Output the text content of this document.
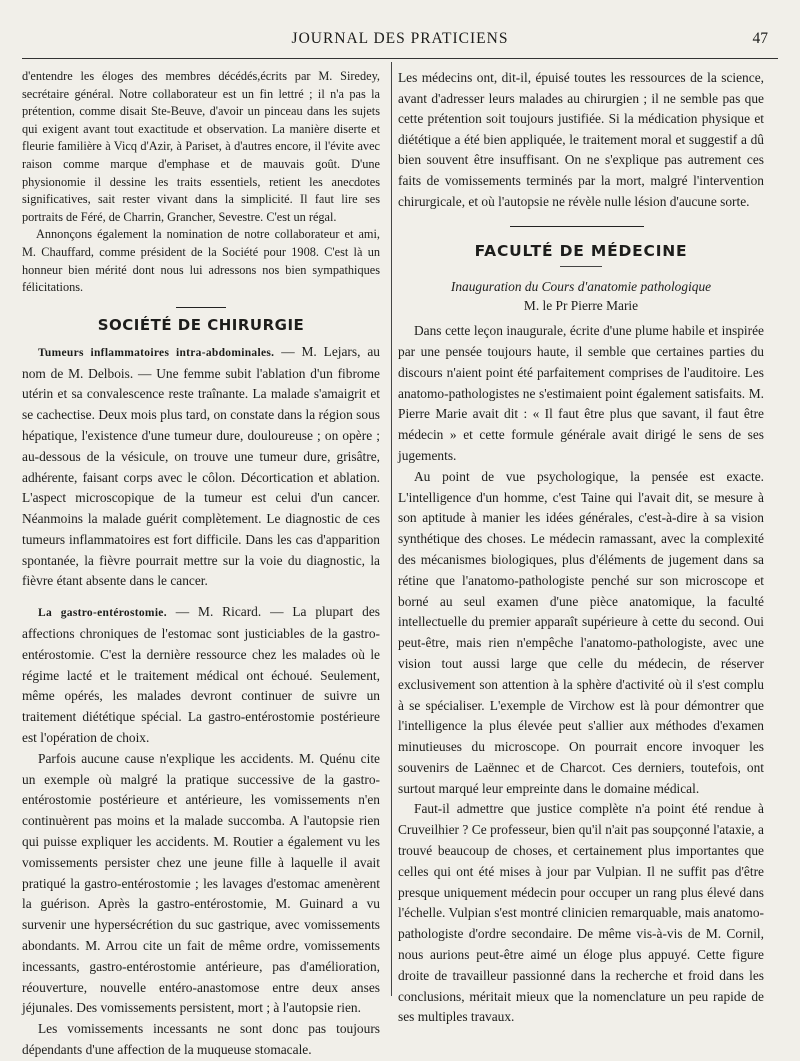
JOURNAL DES PRATICIENS	47

d'entendre les éloges des membres décédés,écrits par M. Siredey, secrétaire général. Notre collaborateur est un fin lettré ; il n'a pas la prétention, comme disait Ste-Beuve, d'avoir un pinceau dans les sujets qui exigent avant tout exactitude et observation. La manière diserte et fleurie familière à Vicq d'Azir, à Pariset, à d'autres encore, il l'évite avec raison comme marque d'emphase et de mauvais goût. D'une physionomie il dessine les traits essentiels, retient les anecdotes significatives, sait rester vivant dans la simplicité. Il faut lire ses portraits de Féré, de Charrin, Grancher, Sevestre. C'est un régal.

Annonçons également la nomination de notre collaborateur et ami, M. Chauffard, comme président de la Société pour 1908. C'est là un honneur bien mérité dont nous lui adressons nos bien sympathiques félicitations.

SOCIÉTÉ DE CHIRURGIE

Tumeurs inflammatoires intra-abdominales. — M. Lejars, au nom de M. Delbois. — Une femme subit l'ablation d'un fibrome utérin et sa convalescence reste traînante. La malade s'amaigrit et se cachectise. Deux mois plus tard, on constate dans la région sous hépatique, l'existence d'une tumeur dure, douloureuse ; on opère ; au-dessous de la vésicule, on trouve une tumeur dure, grisâtre, adhérente, faisant corps avec le côlon. Décortication et ablation. L'aspect microscopique de la tumeur est celui d'un cancer. Néanmoins la malade guérit complètement. Le diagnostic de ces tumeurs inflammatoires est fort difficile. Dans les cas d'apparition spontanée, la fièvre pourrait mettre sur la voie du diagnostic, la fièvre étant absente dans le cancer.

La gastro-entérostomie. — M. Ricard. — La plupart des affections chroniques de l'estomac sont justiciables de la gastro-entérostomie. C'est la dernière ressource chez les malades où le régime lacté et le traitement médical ont échoué. Seulement, même opérés, les malades devront continuer de suivre un traitement diététique spécial. La gastro-entérostomie postérieure est l'opération de choix.

Parfois aucune cause n'explique les accidents. M. Quénu cite un exemple où malgré la pratique successive de la gastro-entérostomie postérieure et antérieure, les vomissements n'en continuèrent pas moins et la malade succomba. A l'autopsie rien qui puisse expliquer les accidents. M. Routier a également vu les vomissements persister chez une jeune fille à laquelle il avait pratiqué la gastro-entérostomie ; les lavages d'estomac amenèrent la guérison. Après la gastro-entérostomie, M. Guinard a vu survenir une hypersécrétion du suc gastrique, avec vomissements abondants. M. Arrou cite un fait de même ordre, vomissements incessants, gastro-entérostomie antérieure, pas d'amélioration, réouverture, nouvelle entéro-anastomose entre deux anses jéjunales. Des vomissements persistent, mort ; à l'autopsie rien.

Les vomissements incessants ne sont donc pas toujours dépendants d'une affection de la muqueuse stomacale.

Les médecins ont, dit-il, épuisé toutes les ressources de la science, avant d'adresser leurs malades au chirurgien ; il ne semble pas que cette prétention soit toujours justifiée. Si la médication physique et diététique a été bien appliquée, le traitement moral et suggestif a dû bien souvent être insuffisant. On ne s'explique pas autrement ces faits de vomissements terminés par la mort, malgré l'intervention chirurgicale, et où l'autopsie ne révèle nulle lésion d'aucune sorte.

FACULTÉ DE MÉDECINE
Inauguration du Cours d'anatomie pathologique
M. le Pr Pierre Marie

Dans cette leçon inaugurale, écrite d'une plume habile et inspirée par une pensée toujours haute, il semble que certaines parties du discours n'aient point été parfaitement comprises de l'auditoire. Les anatomo-pathologistes ne s'estimaient point également satisfaits. M. Pierre Marie avait dit : « Il faut être plus que savant, il faut être médecin » et cette formule générale avait dirigé le sens de ses jugements.

Au point de vue psychologique, la pensée est exacte. L'intelligence d'un homme, c'est Taine qui l'avait dit, se mesure à son aptitude à manier les idées générales, c'est-à-dire à sa vision synthétique des choses. Le médecin ramassant, avec la complexité des mécanismes biologiques, plus d'éléments de jugement dans sa rétine que l'anatomo-pathologiste penché sur son microscope et borné au seul examen d'une pièce anatomique, la faculté intellectuelle du premier apparaît supérieure à cette du second. Oui peut-être, mais rien n'empêche l'anatomo-pathologiste, avec une vision tout aussi large que celle du médecin, de réserver exclusivement son attention à la sphère d'activité où il s'est complu à se spécialiser. L'exemple de Virchow est là pour démontrer que l'intelligence la plus élevée peut s'allier aux méthodes d'examen minutieuses du microscope. On pourrait encore invoquer les souvenirs de Laënnec et de Charcot. Ces derniers, toutefois, ont surtout marqué leur empreinte dans le domaine médical.

Faut-il admettre que justice complète n'a point été rendue à Cruveilhier ? Ce professeur, bien qu'il n'ait pas soupçonné l'ataxie, a trouvé beaucoup de choses, et certainement plus importantes que celles qui ont été mises à jour par Vulpian. Il ne suffit pas d'être presque uniquement médecin pour occuper un rang plus élevé dans l'échelle. Vulpian s'est montré clinicien remarquable, mais anatomo-pathologiste d'ordre secondaire. De même vis-à-vis de M. Cornil, nous aurions peut-être aimé un éloge plus appuyé. Cette figure droite de travailleur passionné dans la recherche et froid dans les conclusions, méritait mieux que la nomenclature un peu rapide de ses multiples travaux.
